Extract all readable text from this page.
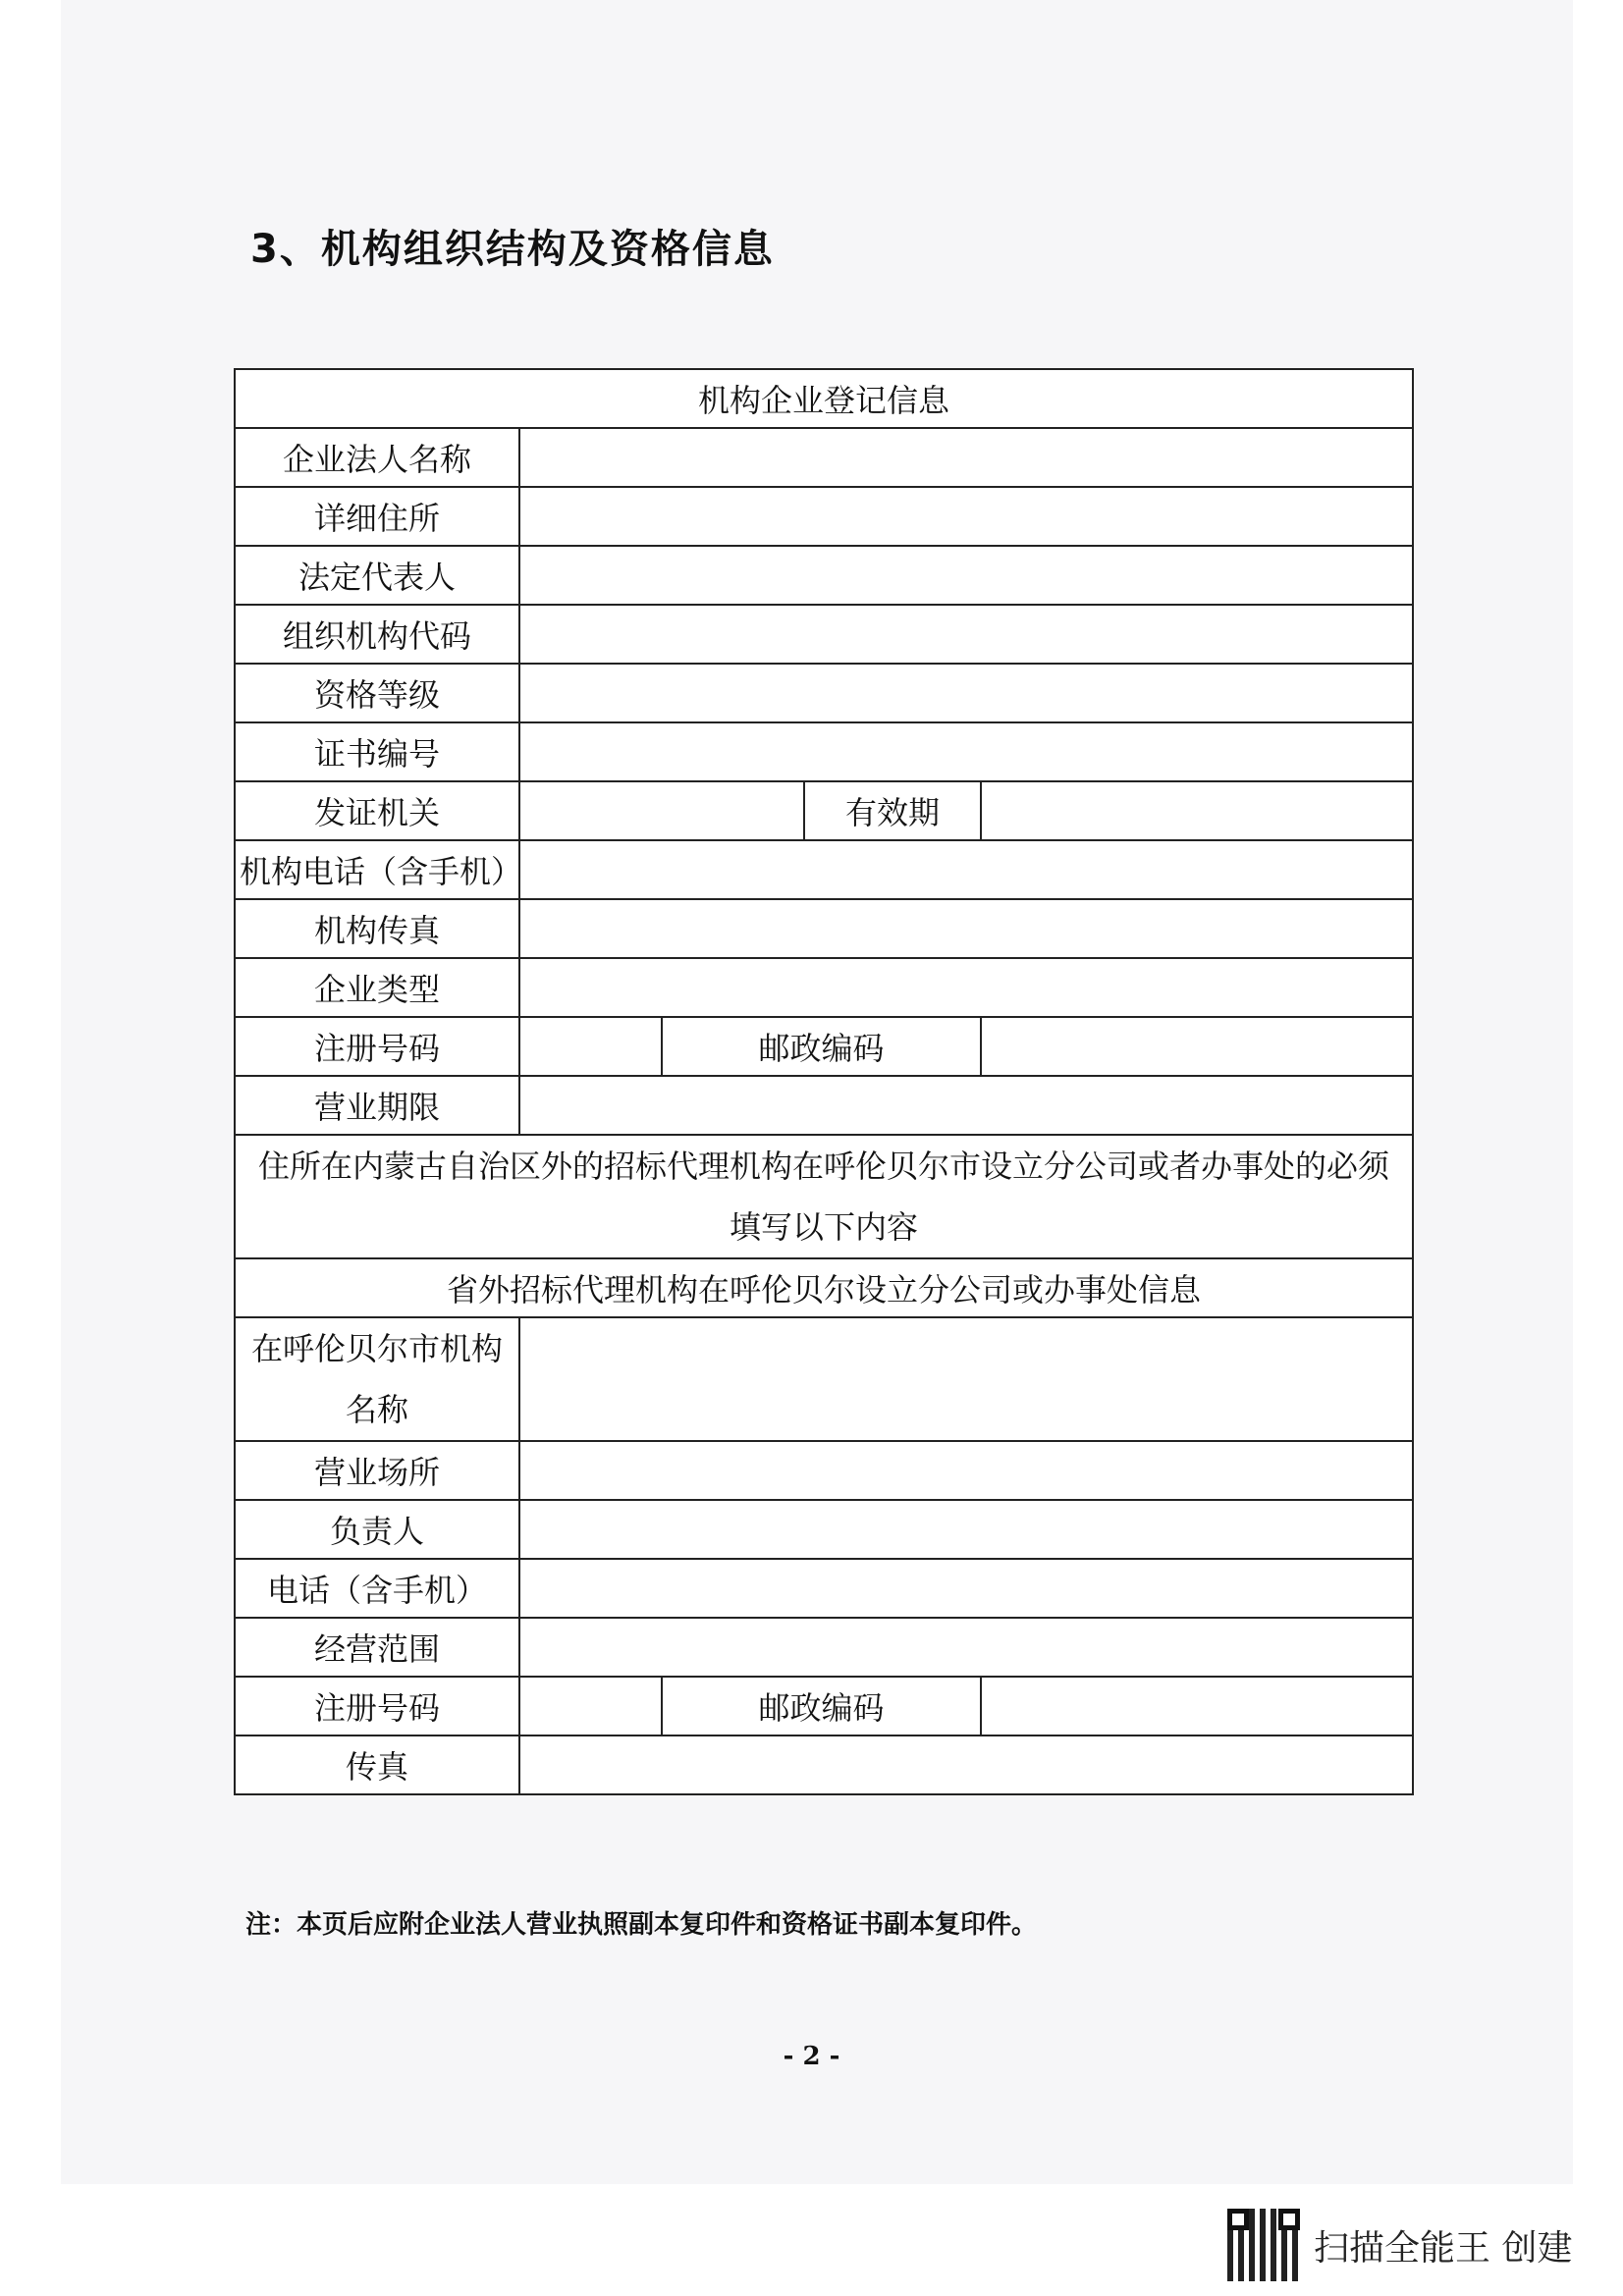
3、机构组织结构及资格信息
机构企业登记信息				
企业法人名称				
详细住所				
法定代表人				
组织机构代码				
资格等级				
证书编号				
发证机关			有效期	
机构电话（含手机）				
机构传真				
企业类型				
注册号码		邮政编码		
营业期限				

住所在内蒙古自治区外的招标代理机构在呼伦贝尔市设立分公司或者办事处的必须
填写以下内容				

省外招标代理机构在呼伦贝尔设立分公司或办事处信息				

在呼伦贝尔市机构
名称				

营业场所				
负责人				
电话（含手机）				
经营范围				
注册号码		邮政编码		
传真				
注：本页后应附企业法人营业执照副本复印件和资格证书副本复印件。
- 2 -
扫描全能王 创建
